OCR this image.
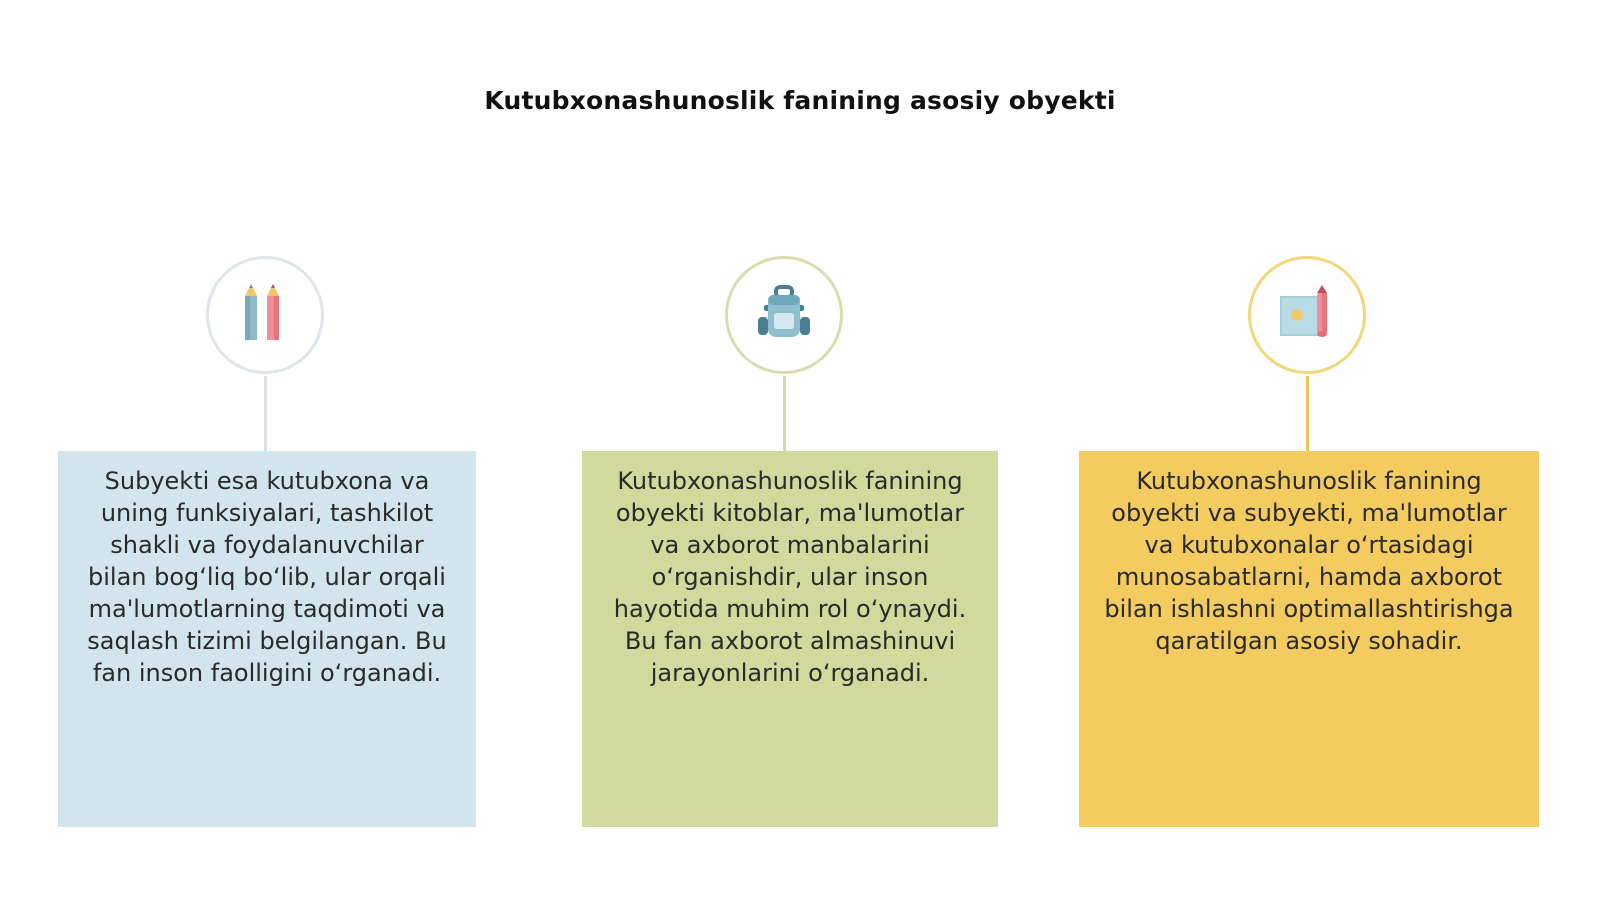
Kutubxonashunoslik fanining asosiy obyekti
Subyekti esa kutubxona va uning funksiyalari, tashkilot shakli va foydalanuvchilar bilan bog‘liq bo‘lib, ular orqali ma'lumotlarning taqdimoti va saqlash tizimi belgilangan. Bu fan inson faolligini o‘rganadi.
Kutubxonashunoslik fanining obyekti kitoblar, ma'lumotlar va axborot manbalarini o‘rganishdir, ular inson hayotida muhim rol o‘ynaydi. Bu fan axborot almashinuvi jarayonlarini o‘rganadi.
Kutubxonashunoslik fanining obyekti va subyekti, ma'lumotlar va kutubxonalar o‘rtasidagi munosabatlarni, hamda axborot bilan ishlashni optimallashtirishga qaratilgan asosiy sohadir.
